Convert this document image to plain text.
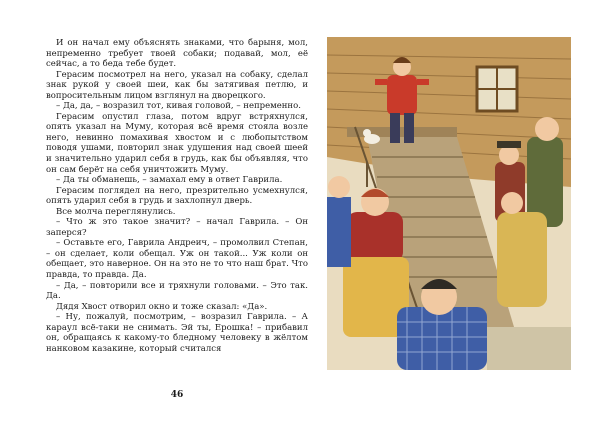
И он начал ему объяснять знаками, что барыня, мол, непременно требует твоей собаки; подавай, мол, её сейчас, а то беда тебе будет.

Герасим посмотрел на него, указал на собаку, сделал знак рукой у своей шеи, как бы затягивая петлю, и вопросительным лицом взглянул на дворецкого.

– Да, да, – возразил тот, кивая головой, – непременно.

Герасим опустил глаза, потом вдруг встряхнулся, опять указал на Муму, которая всё время стояла возле него, невинно помахивая хвостом и с любопытством поводя ушами, повторил знак удушения над своей шеей и значительно ударил себя в грудь, как бы объявляя, что он сам берёт на себя уничтожить Муму.

– Да ты обманешь, – замахал ему в ответ Гаврила.

Герасим поглядел на него, презрительно усмехнулся, опять ударил себя в грудь и захлопнул дверь.

Все молча переглянулись.

– Что ж это такое значит? – начал Гаврила. – Он заперся?

– Оставьте его, Гаврила Андреич, – промолвил Степан, – он сделает, коли обещал. Уж он такой... Уж коли он обещает, это наверное. Он на это не то что наш брат. Что правда, то правда. Да.

– Да, – повторили все и тряхнули головами. – Это так. Да.

Дядя Хвост отворил окно и тоже сказал: «Да».

– Ну, пожалуй, посмотрим, – возразил Гаврила. – А караул всё-таки не снимать. Эй ты, Ерошка! – прибавил он, обращаясь к какому-то бледному человеку в жёлтом нанковом казакине, который считался

46
